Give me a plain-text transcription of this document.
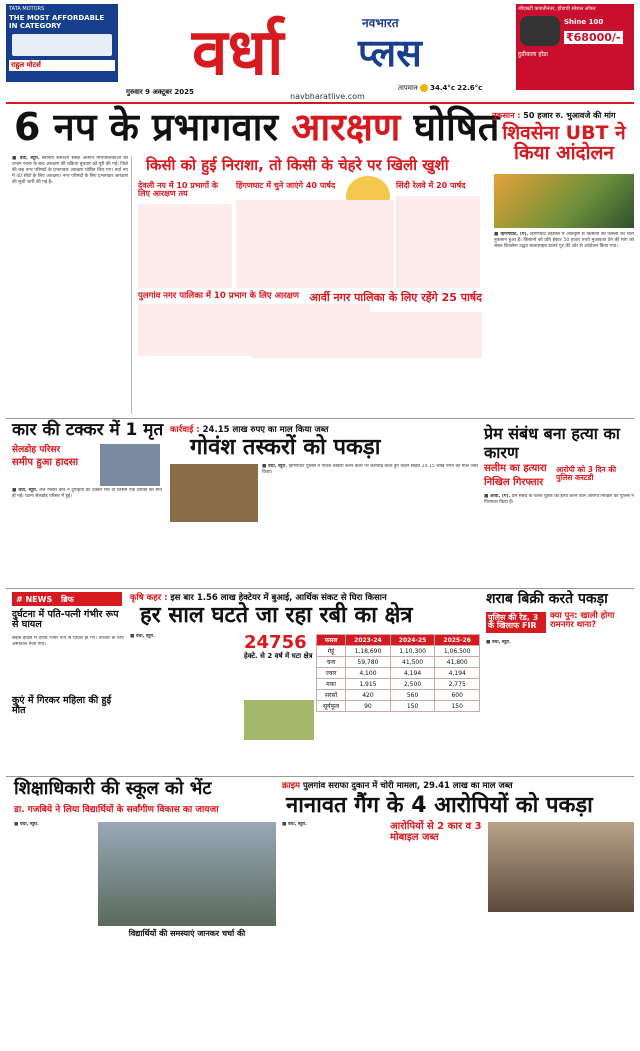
TATA MOTORS
THE MOST AFFORDABLE IN CATEGORY
राहुल मोटर्स	वर्धा	नवभारत
प्लस
जीएसटी कपातीनंतर, होंडाची स्पेशल ऑफर
Shine 100
₹68000/-
हुडीवाला होंडा
गुरुवार 9 अक्टूबर 2025	navbharatlive.com
तापमान 34.4°c 22.6°c
6 नप के प्रभागवार आरक्षण घोषित
किसी को हुई निराशा, तो किसी के चेहरे पर खिली खुशी
■ वर्धा, ब्यूरो. स्थानीय स्वराज्य संस्था अंतर्गत नगरपालिकाओं की प्रभाग रचना के बाद आरक्षण की प्रक्रिया बुधवार को पूरी की गई। जिले की छह नगर परिषदों के प्रभागवार आरक्षण घोषित किए गए। वर्धा नप में 40 सीटों के लिए आरक्षण। नगर परिषदों के लिए प्रभागवार आरक्षण की सूची जारी की गई है।	देवली नप में 10 प्रभागों के लिए आरक्षण तय
हिंगणघाट में चुने जाएंगे 40 पार्षद	सिंदी रेलवे में 20 पार्षद
पुलगांव नगर पालिका में 10 प्रभाग के लिए आरक्षण आर्वी नगर पालिका के लिए रहेंगे 25 पार्षद
नुकसान : 50 हजार रु. भुआवजे की मांग
शिवसेना UBT ने किया आंदोलन
■ हिंगणघाट, (ग). हिंगणघाट तहसील में अतिवृष्टि से किसानों की फसलों का भारी नुकसान हुआ है। किसानों को प्रति हेक्टर 50 हजार रुपये मुआवजा देने की मांग को लेकर शिवसेना उद्धव बालासाहब ठाकरे गुट की ओर से आंदोलन किया गया।
कार की टक्कर में 1 मृत
सेलडोह परिसर
समीप हुआ हादसा
■ वर्धा, ब्यूरो. तेज रफ्तार कार ने दुपहिया को टक्कर मार दी जिसमें एक व्यक्ति की मौत हो गई। घटना सेलडोह परिसर में हुई।
कार्रवाई : 24.15 लाख रुपए का माल किया जब्त
गोवंश तस्करों को पकड़ा
■ वर्धा, ब्यूरो. हिंगणघाट पुलिस ने गोवंश तस्करी करने वालों पर कार्रवाई करते हुए वाहन सहित 24.15 लाख रुपये का माल जब्त किया।
प्रेम संबंध बना हत्या का कारण
सलीम का हत्यारा
निखिल गिरफ्तार
आरोपी को 3 दिन की पुलिस कस्टडी
■ आर्वी, (ग). प्रेम संबंध के चलते युवक की हत्या करने वाले आरोपी निखिल को पुलिस ने गिरफ्तार किया है।
# NEWS ब्रिफ
दुर्घटना में पति-पत्नी गंभीर रूप से घायल
सड़क हादसे में दंपति गंभीर रूप से घायल हो गए। उपचार के लिए अस्पताल भेजा गया।
कुएं में गिरकर महिला की हुई मौत
कृषि कहर : इस बार 1.56 लाख हेक्टेयर में बुआई, आर्थिक संकट से घिरा किसान
हर साल घटते जा रहा रबी का क्षेत्र
■ वर्धा, ब्यूरो.	24756
हेक्टे. से 2 वर्ष में घटा क्षेत्र
फसल	2023-24	2024-25	2025-26
गेहूं	1,18,690	1,10,300	1,06,500
चना	59,780	41,500	41,800
ज्वार	4,100	4,194	4,194
मका	1,915	2,500	2,775
सरसों	420	560	600
सूर्यफूल	90	150	150
शराब बिक्री करते पकड़ा
पुलिस की रेड, 3 के खिलाफ FIR
क्या पुन: खाली होगा रामनगर थाना?
■ वर्धा, ब्यूरो.
शिक्षाधिकारी की स्कूल को भेंट
डा. गजबिये ने लिया विद्यार्थियों के सर्वांगीण विकास का जायजा
■ वर्धा, ब्यूरो.
विद्यार्थियों की समस्याएं जानकर चर्चा की
क्राइम पुलगांव सराफा दुकान में चोरी मामला, 29.41 लाख का माल जब्त
नानावत गैंग के 4 आरोपियों को पकड़ा
■ वर्धा, ब्यूरो.	आरोपियों से 2 कार व 3 मोबाइल जब्त
